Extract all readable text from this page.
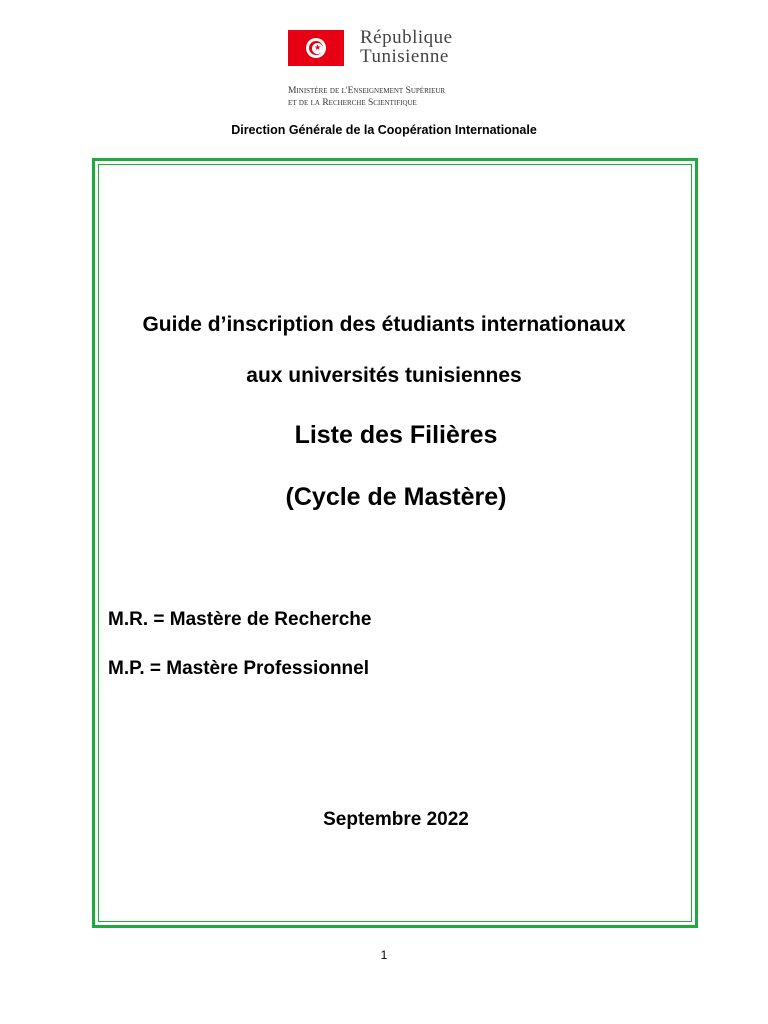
★ République
Tunisienne
Ministère de l'Enseignement Supérieur
et de la Recherche Scientifique
Direction Générale de la Coopération Internationale
Guide d’inscription des étudiants internationaux
aux universités tunisiennes
Liste des Filières
(Cycle de Mastère)
M.R. = Mastère de Recherche
M.P. = Mastère Professionnel
Septembre 2022
1
